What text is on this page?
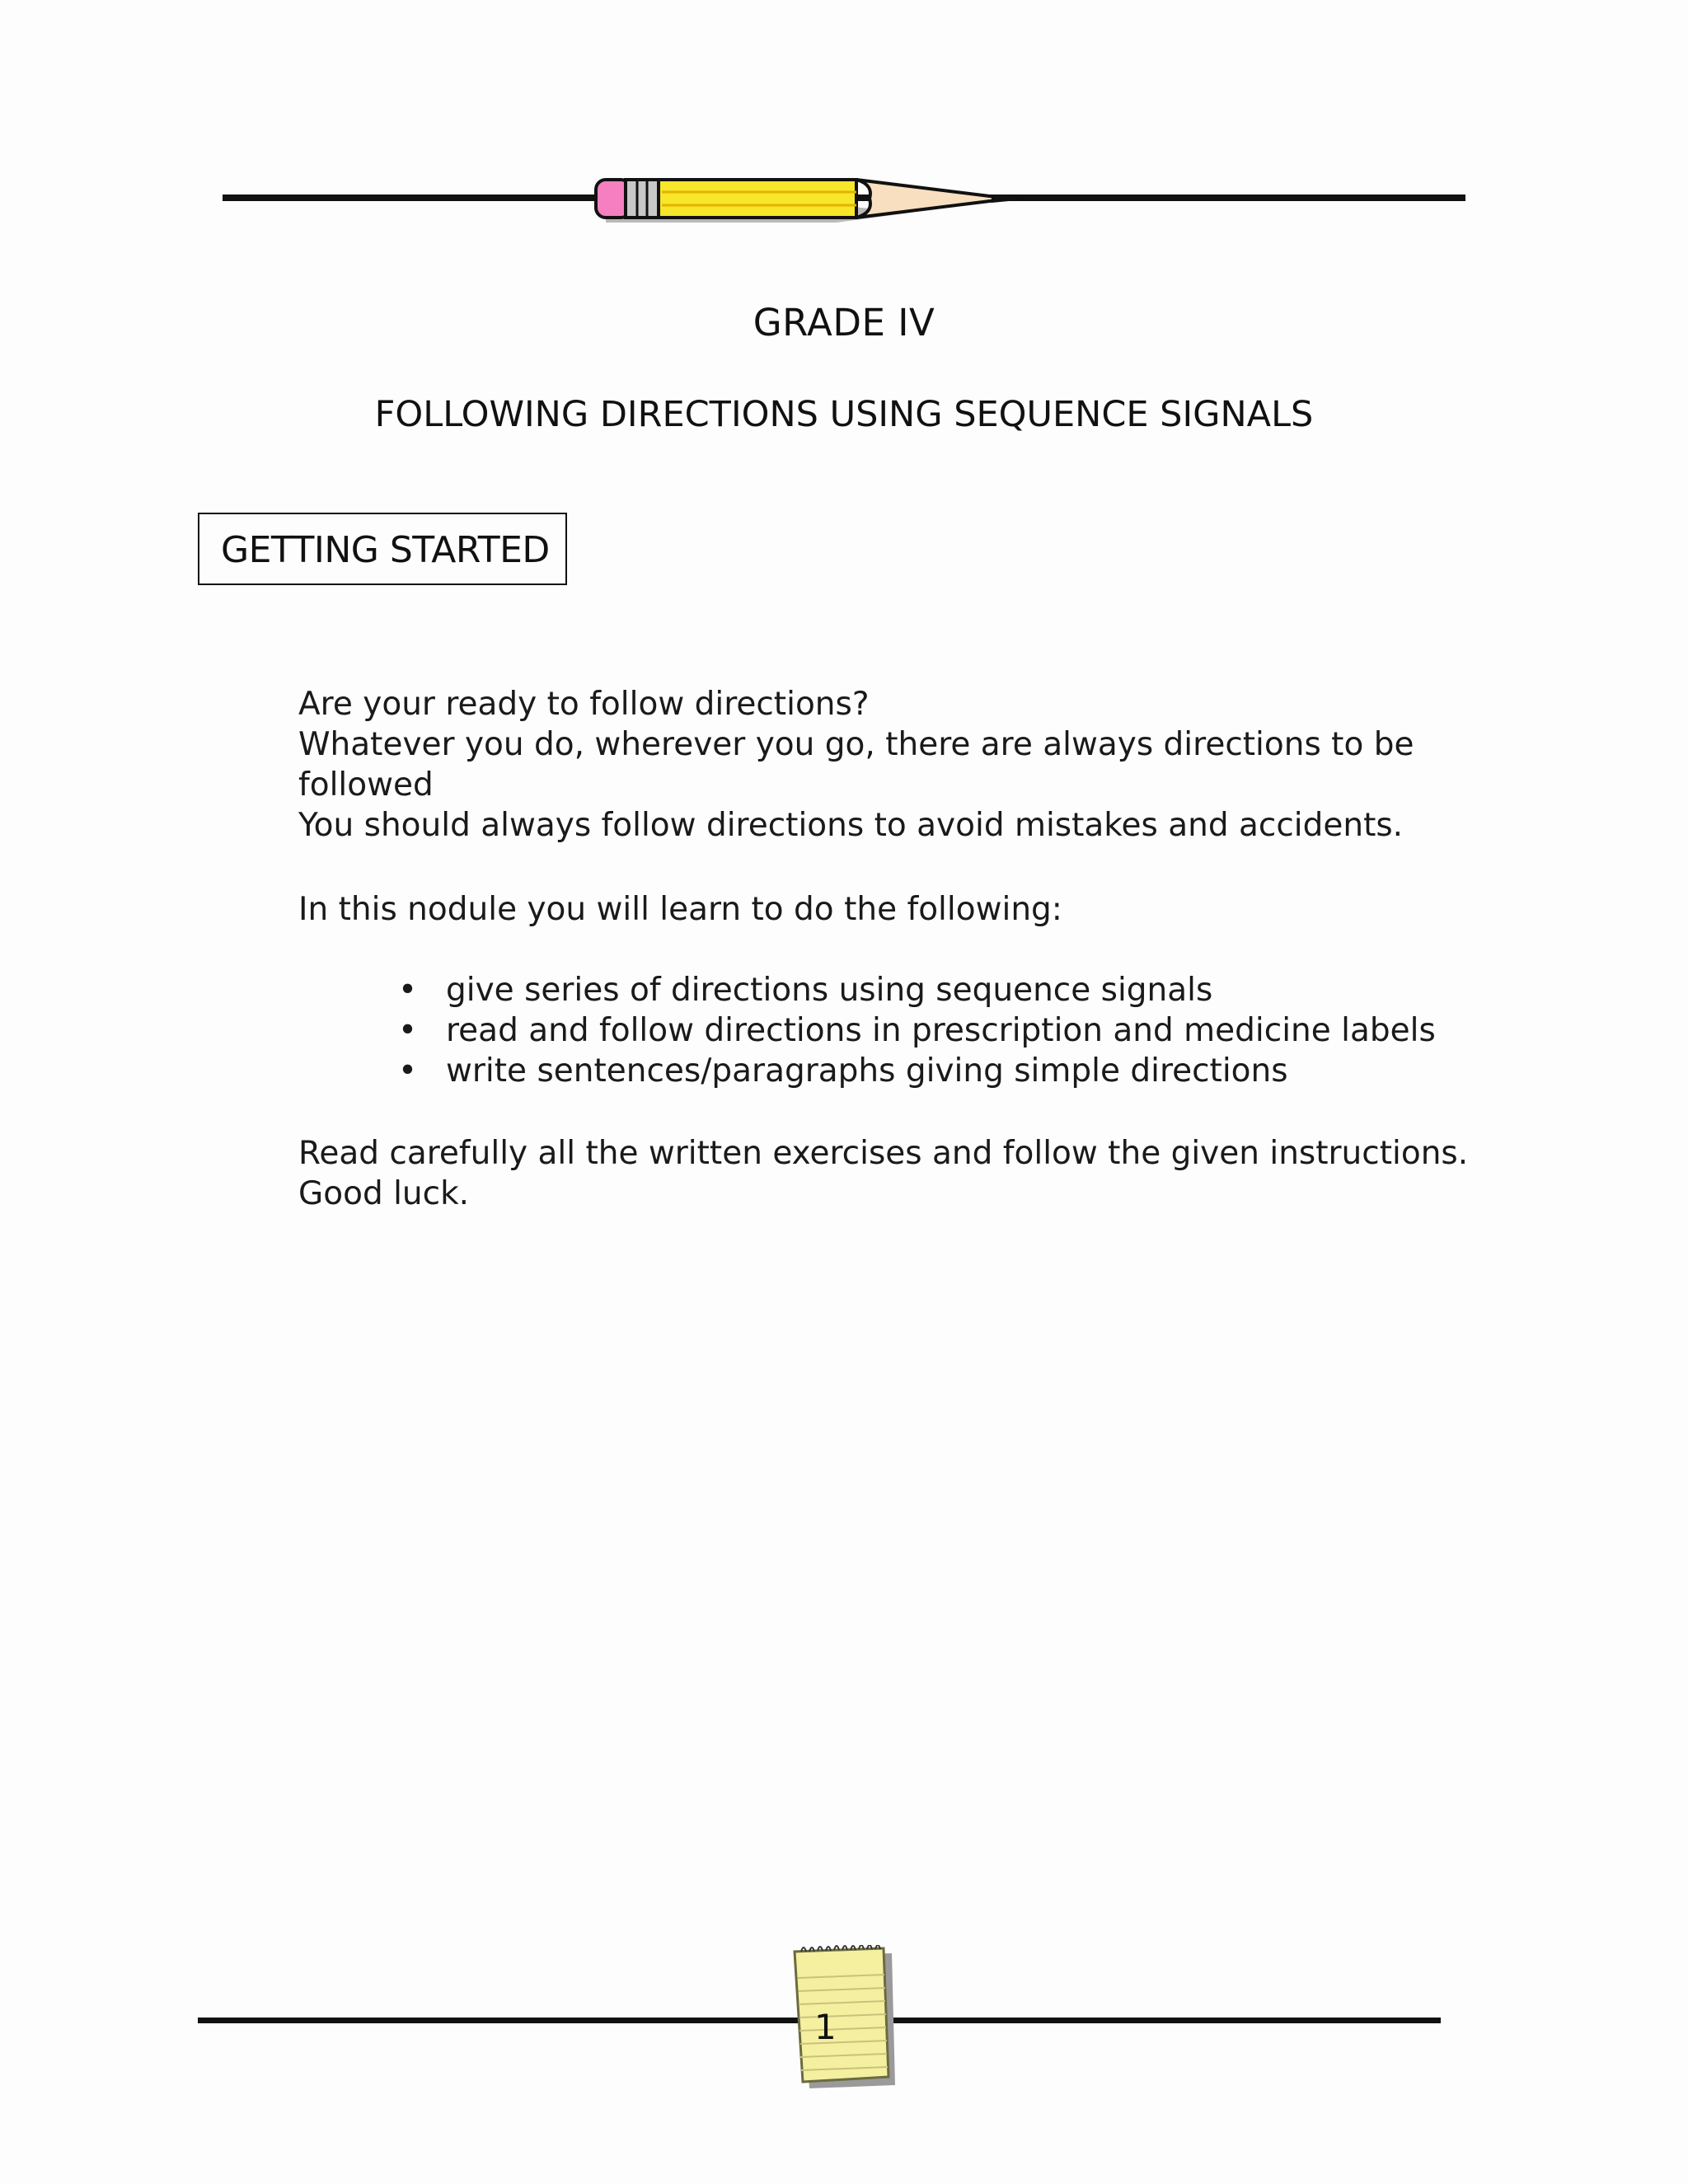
GRADE IV
FOLLOWING DIRECTIONS USING SEQUENCE SIGNALS
GETTING STARTED

Are your ready to follow directions?

Whatever you do, wherever you go, there are always directions to be

followed

You should always follow directions to avoid mistakes and accidents.

In this nodule you will learn to do the following:

• give series of directions using sequence signals
• read and follow directions in prescription and medicine labels
• write sentences/paragraphs giving simple directions

Read carefully all the written exercises and follow the given instructions.

Good luck.

1
